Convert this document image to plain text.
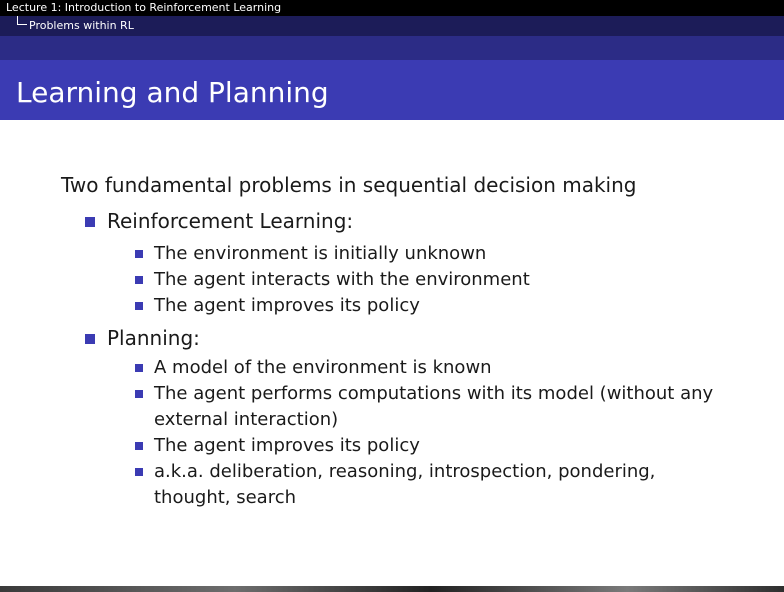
Lecture 1: Introduction to Reinforcement Learning
Problems within RL
Learning and Planning
Two fundamental problems in sequential decision making
Reinforcement Learning:
The environment is initially unknown
The agent interacts with the environment
The agent improves its policy
Planning:
A model of the environment is known
The agent performs computations with its model (without any external interaction)
The agent improves its policy
a.k.a. deliberation, reasoning, introspection, pondering, thought, search
